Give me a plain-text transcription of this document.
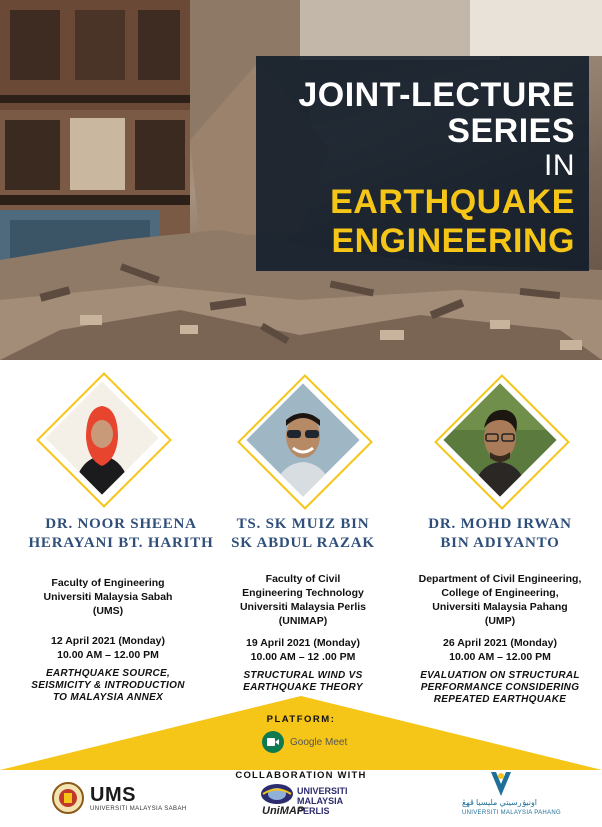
JOINT-LECTURE
SERIES
IN
EARTHQUAKE
ENGINEERING
DR. NOOR SHEENA
HERAYANI BT. HARITH
Faculty of Engineering
Universiti Malaysia Sabah
(UMS)
12 April 2021 (Monday)
10.00 AM – 12.00 PM
EARTHQUAKE SOURCE,
SEISMICITY & INTRODUCTION
TO MALAYSIA ANNEX
TS. SK MUIZ BIN
SK ABDUL RAZAK
Faculty of Civil
Engineering Technology
Universiti Malaysia Perlis
(UNIMAP)
19 April 2021 (Monday)
10.00 AM – 12 .00 PM
STRUCTURAL WIND VS
EARTHQUAKE THEORY
DR. MOHD IRWAN
BIN ADIYANTO
Department of Civil Engineering,
College of Engineering,
Universiti Malaysia Pahang
(UMP)
26 April 2021 (Monday)
10.00 AM – 12.00 PM
EVALUATION ON STRUCTURAL
PERFORMANCE CONSIDERING
REPEATED EARTHQUAKE
PLATFORM:
Google Meet
COLLABORATION WITH
UMS
UNIVERSITI MALAYSIA SABAH
UNIVERSITI
MALAYSIA
PERLIS
UniMAP
اونيۏرسيتي مليسيا ڤهڠ
UNIVERSITI MALAYSIA PAHANG
